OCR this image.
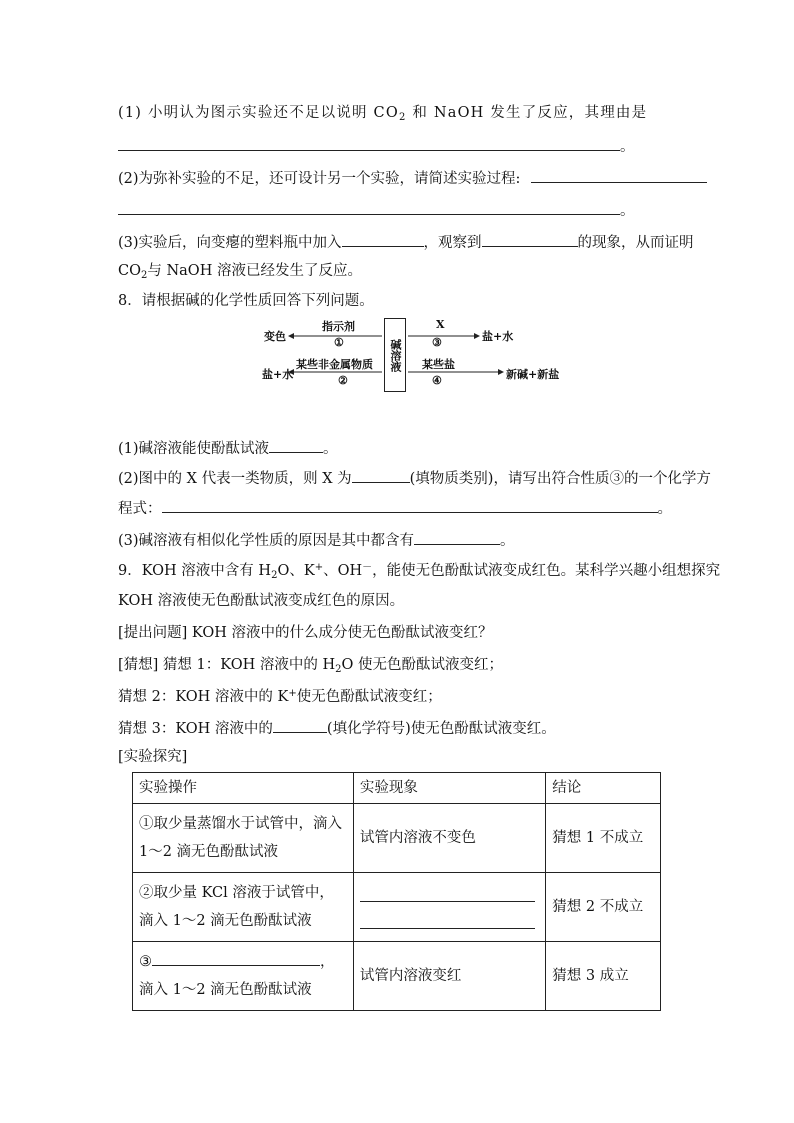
(1) 小明认为图示实验还不足以说明 $CO_2$ 和 NaOH 发生了反应，其理由是
。
(2)为弥补实验的不足，还可设计另一个实验，请简述实验过程:
。
(3)实验后，向变瘪的塑料瓶中加入	，观察到	的现象，从而证明
$CO_2$与 NaOH 溶液已经发生了反应。
8．请根据碱的化学性质回答下列问题。
碱溶液
指示剂
①
变色
某些非金属物质
②
盐+水
X
③	盐+水
某些盐
④	新碱+新盐
(1)碱溶液能使酚酞试液	。
(2)图中的 X 代表一类物质，则 X 为	(填物质类别)，请写出符合性质③的一个化学方
程式：	。
(3)碱溶液有相似化学性质的原因是其中都含有	。
9．KOH 溶液中含有 $H_2O$、K+、OH－，能使无色酚酞试液变成红色。某科学兴趣小组想探究
KOH 溶液使无色酚酞试液变成红色的原因。
[提出问题] KOH 溶液中的什么成分使无色酚酞试液变红？
[猜想] 猜想 1：KOH 溶液中的 $H_2O$ 使无色酚酞试液变红；
猜想 2：KOH 溶液中的 K+使无色酚酞试液变红；
猜想 3：KOH 溶液中的	(填化学符号)使无色酚酞试液变红。
[实验探究]
实验操作	实验现象	结论
①取少量蒸馏水于试管中，滴入 1～2 滴无色酚酞试液	试管内溶液不变色	猜想 1 不成立
②取少量 KCl 溶液于试管中，滴入 1～2 滴无色酚酞试液		猜想 2 不成立
③ ，
滴入 1～2 滴无色酚酞试液	试管内溶液变红	猜想 3 成立
